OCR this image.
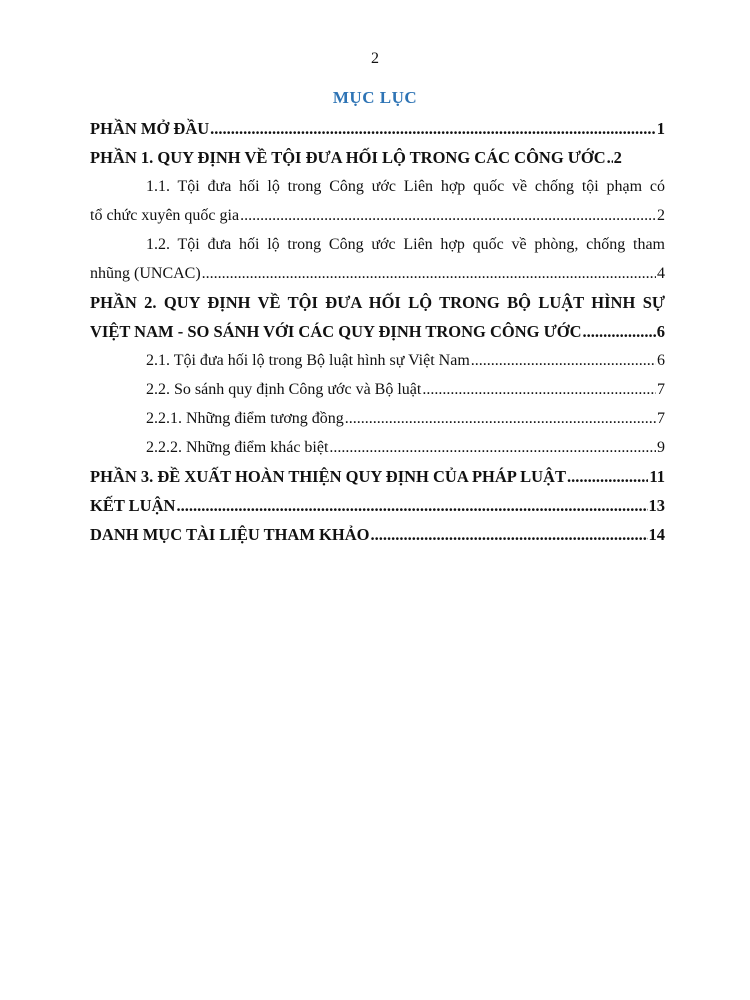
2
MỤC LỤC
PHẦN MỞ ĐẦU .....	1
PHẦN 1. QUY ĐỊNH VỀ TỘI ĐƯA HỐI LỘ TRONG CÁC CÔNG ƯỚC ..... 2
1.1. Tội đưa hối lộ trong Công ước Liên hợp quốc về chống tội phạm có
tổ chức xuyên quốc gia .....	2
1.2. Tội đưa hối lộ trong Công ước Liên hợp quốc về phòng, chống tham
nhũng (UNCAC) .....	4
PHẦN 2. QUY ĐỊNH VỀ TỘI ĐƯA HỐI LỘ TRONG BỘ LUẬT HÌNH SỰ
VIỆT NAM - SO SÁNH VỚI CÁC QUY ĐỊNH TRONG CÔNG ƯỚC .....	6
2.1. Tội đưa hối lộ trong Bộ luật hình sự Việt Nam .....	6
2.2. So sánh quy định Công ước và Bộ luật .....	7
2.2.1. Những điểm tương đồng .....	7
2.2.2. Những điểm khác biệt .....	9
PHẦN 3. ĐỀ XUẤT HOÀN THIỆN QUY ĐỊNH CỦA PHÁP LUẬT .....	11
KẾT LUẬN .....	13
DANH MỤC TÀI LIỆU THAM KHẢO .....	14
